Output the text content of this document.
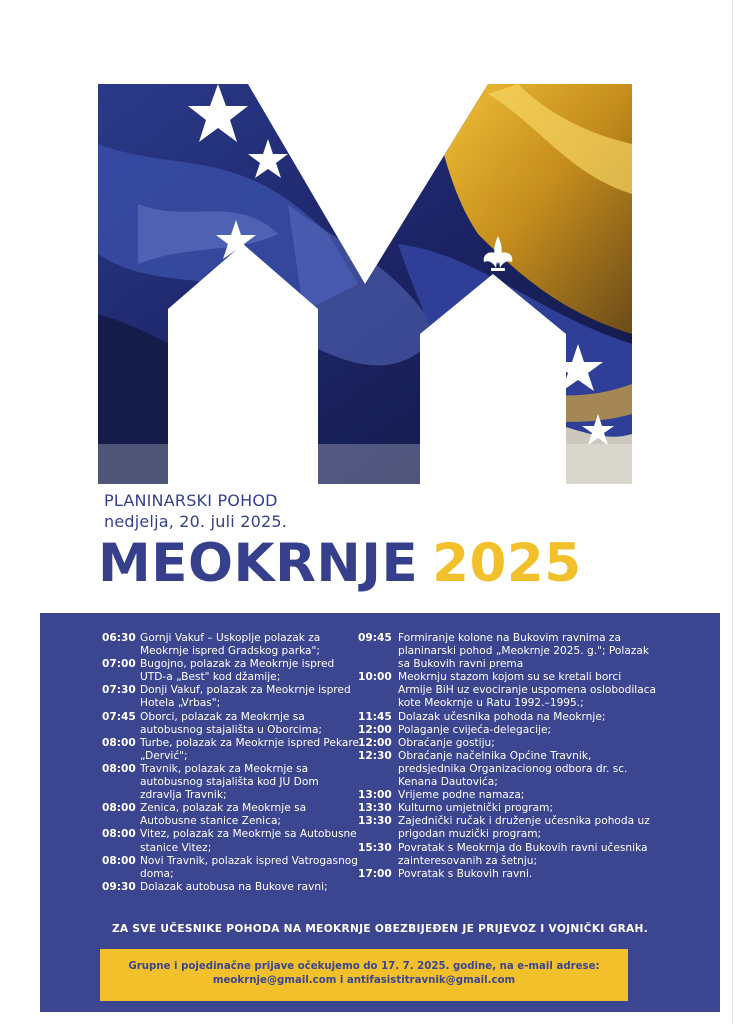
PLANINARSKI POHOD
nedjelja, 20. juli 2025.
MEOKRNJE 2025
06:30 Gornji Vakuf – Uskoplje polazak za Meokrnje ispred Gradskog parka";
07:00 Bugojno, polazak za Meokrnje ispred UTD-a „Best" kod džamije;
07:30 Donji Vakuf, polazak za Meokrnje ispred Hotela „Vrbas";
07:45 Oborci, polazak za Meokrnje sa autobusnog stajališta u Oborcima;
08:00 Turbe, polazak za Meokrnje ispred Pekare „Dervić";
08:00 Travnik, polazak za Meokrnje sa autobusnog stajališta kod JU Dom zdravlja Travnik;
08:00 Zenica, polazak za Meokrnje sa Autobusne stanice Zenica;
08:00 Vitez, polazak za Meokrnje sa Autobusne stanice Vitez;
08:00 Novi Travnik, polazak ispred Vatrogasnog doma;
09:30 Dolazak autobusa na Bukove ravni;
09:45 Formiranje kolone na Bukovim ravnima za planinarski pohod „Meokrnje 2025. g."; Polazak sa Bukovih ravni prema
10:00 Meokrnju stazom kojom su se kretali borci Armije BiH uz evociranje uspomena oslobodilaca kote Meokrnje u Ratu 1992.–1995.;
11:45 Dolazak učesnika pohoda na Meokrnje;
12:00 Polaganje cvijeća-delegacije;
12:00 Obraćanje gostiju;
12:30 Obraćanje načelnika Općine Travnik, predsjednika Organizacionog odbora dr. sc. Kenana Dautovića;
13:00 Vrijeme podne namaza;
13:30 Kulturno umjetnički program;
13:30 Zajednički ručak i druženje učesnika pohoda uz prigodan muzički program;
15:30 Povratak s Meokrnja do Bukovih ravni učesnika zainteresovanih za šetnju;
17:00 Povratak s Bukovih ravni.
ZA SVE UČESNIKE POHODA NA MEOKRNJE OBEZBIJEĐEN JE PRIJEVOZ I VOJNIČKI GRAH.
Grupne i pojedinačne prijave očekujemo do 17. 7. 2025. godine, na e-mail adrese:
meokrnje@gmail.com i antifasistitravnik@gmail.com
